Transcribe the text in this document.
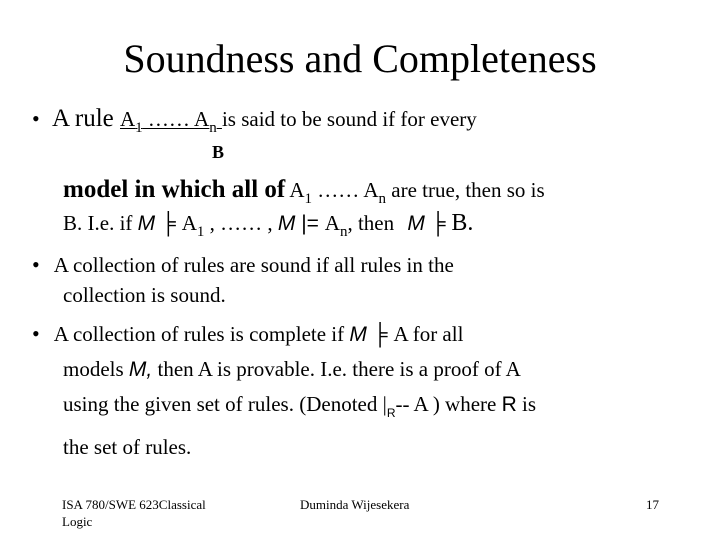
Soundness and Completeness
• A rule $A_1$ …… $A_n$ is said to be sound if for every
B
model in which all of $A_1$ …… $A_n$ are true, then so is
B. I.e. if M ╞ $A_1$ , …… , M |= $A_n$, then M ╞ B.
• A collection of rules are sound if all rules in the
collection is sound.
• A collection of rules is complete if M ╞ A for all
models M, then A is provable. I.e. there is a proof of A
using the given set of rules. (Denoted $|_R--$ A ) where R is
the set of rules.
ISA 780/SWE 623Classical
Logic
Duminda Wijesekera	17
